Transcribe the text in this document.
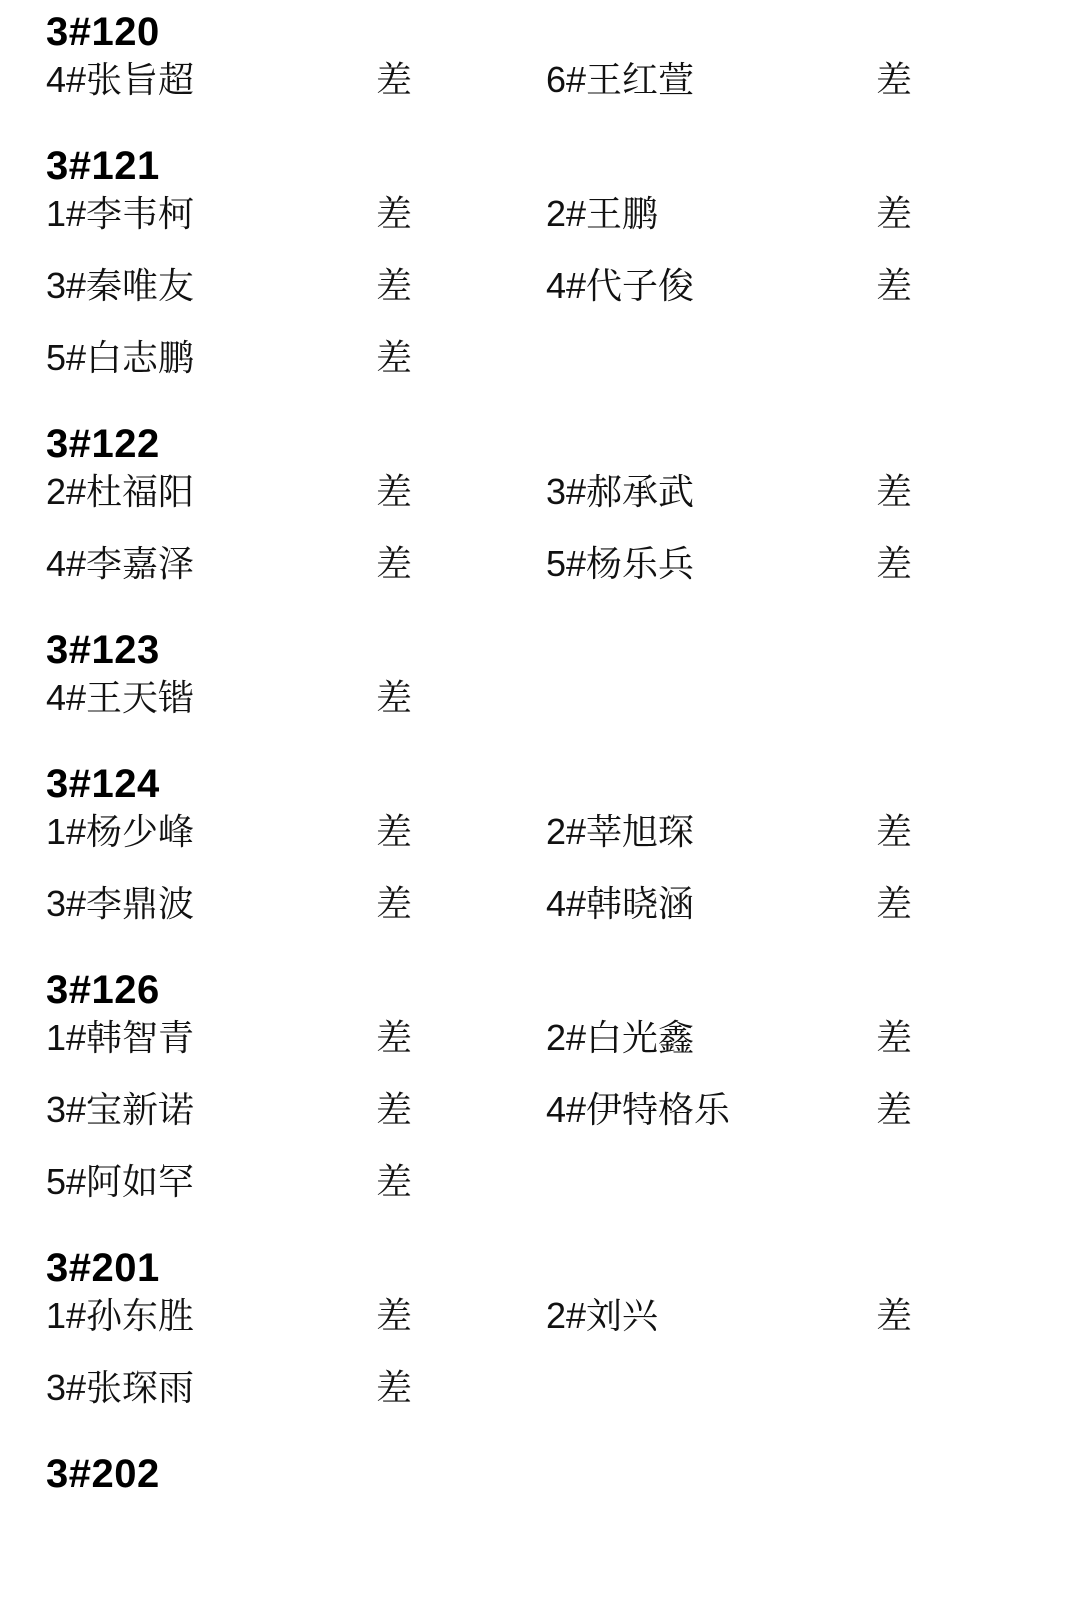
3#120
4#张旨超	差	6#王红萱	差
3#121
1#李韦柯	差	2#王鹏	差
3#秦唯友	差	4#代子俊	差
5#白志鹏	差
3#122
2#杜福阳	差	3#郝承武	差
4#李嘉泽	差	5#杨乐兵	差
3#123
4#王天锴	差
3#124
1#杨少峰	差	2#莘旭琛	差
3#李鼎波	差	4#韩晓涵	差
3#126
1#韩智青	差	2#白光鑫	差
3#宝新诺	差	4#伊特格乐	差
5#阿如罕	差
3#201
1#孙东胜	差	2#刘兴	差
3#张琛雨	差
3#202
